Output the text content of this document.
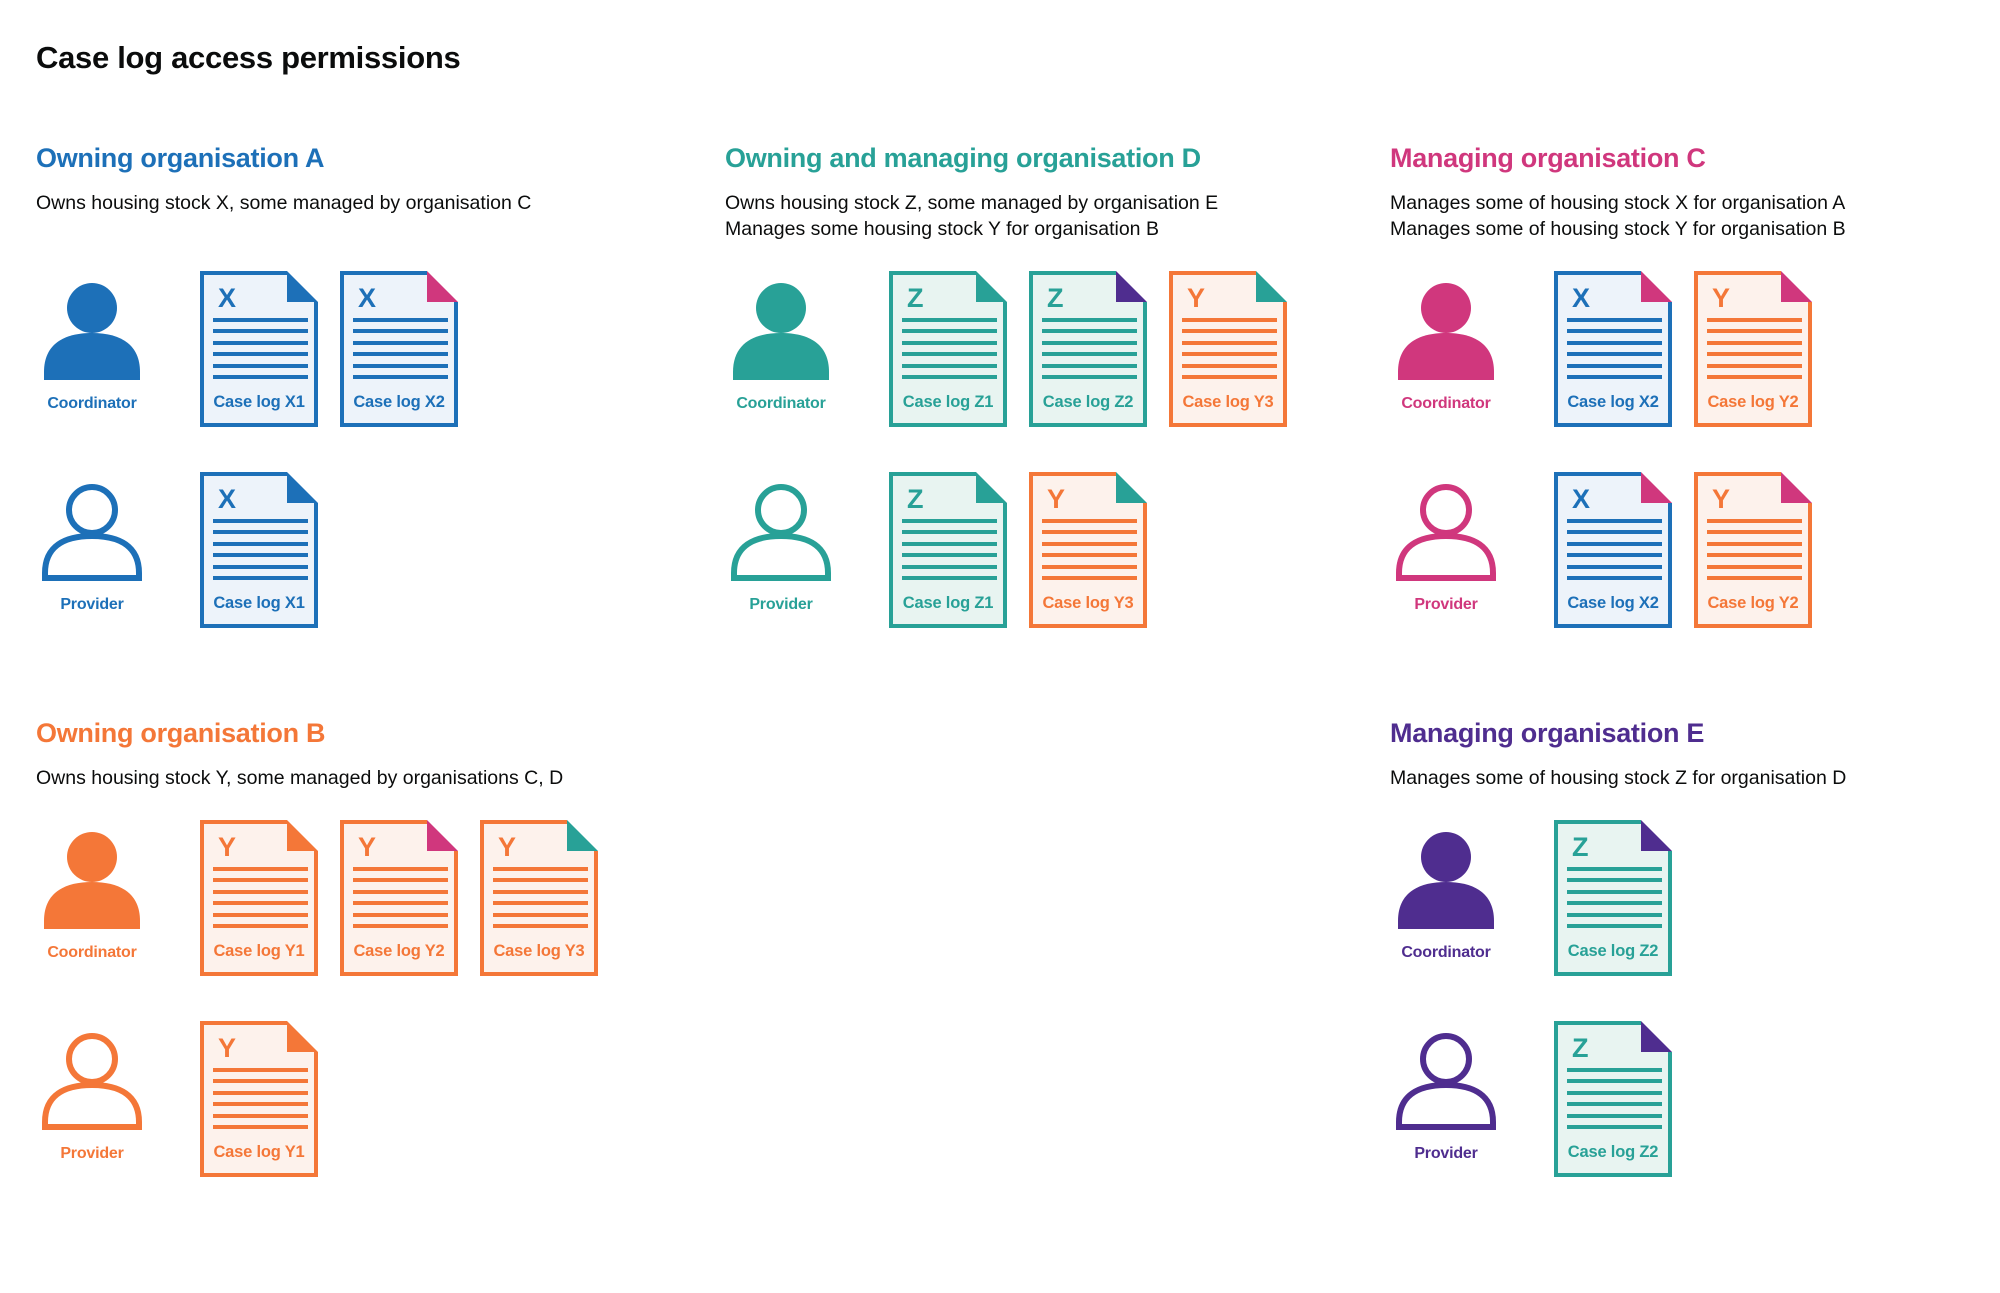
Case log access permissions
Owning organisation A
Owns housing stock X, some managed by organisation C
Coordinator
X
Case log X1
X
Case log X2
Provider
X
Case log X1
Owning and managing organisation D
Owns housing stock Z, some managed by organisation E
Manages some housing stock Y for organisation B
Coordinator
Z
Case log Z1
Z
Case log Z2
Y
Case log Y3
Provider
Z
Case log Z1
Y
Case log Y3
Managing organisation C
Manages some of housing stock X for organisation A
Manages some of housing stock Y for organisation B
Coordinator
X
Case log X2
Y
Case log Y2
Provider
X
Case log X2
Y
Case log Y2
Owning organisation B
Owns housing stock Y, some managed by organisations C, D
Coordinator
Y
Case log Y1
Y
Case log Y2
Y
Case log Y3
Provider
Y
Case log Y1
Managing organisation E
Manages some of housing stock Z for organisation D
Coordinator
Z
Case log Z2
Provider
Z
Case log Z2
